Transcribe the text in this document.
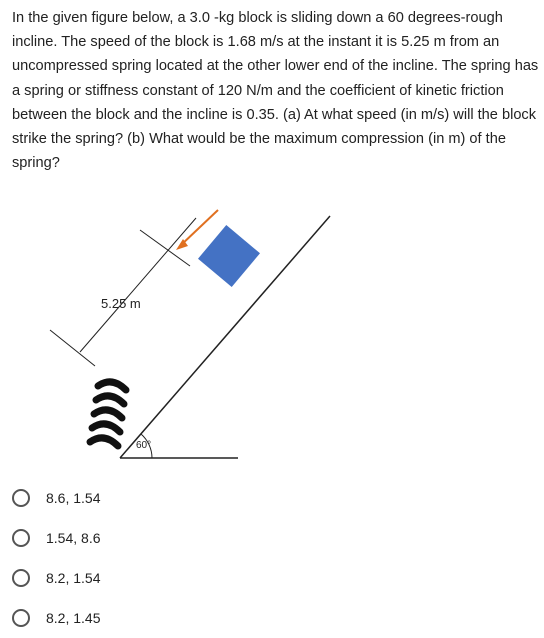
In the given figure below, a 3.0 -kg block is sliding down a 60 degrees-rough incline. The speed of the block is 1.68 m/s at the instant it is 5.25 m from an uncompressed spring located at the other lower end of the incline. The spring has a spring or stiffness constant of 120 N/m and the coefficient of kinetic friction between the block and the incline is 0.35. (a) At what speed (in m/s) will the block strike the spring? (b) What would be the maximum compression (in m) of the spring?
5.25 m
60°
8.6, 1.54
1.54, 8.6
8.2, 1.54
8.2, 1.45
